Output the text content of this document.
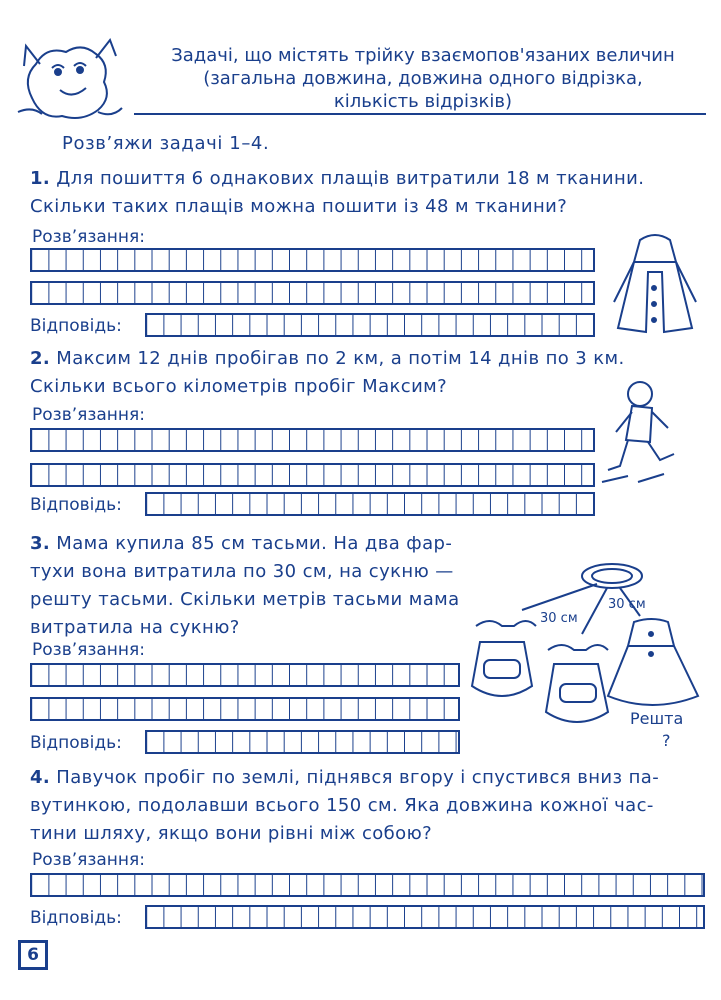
Задачі, що містять трійку взаємопов'язаних величин
(загальна довжина, довжина одного відрізка,
кількість відрізків)
Розв’яжи задачі 1–4.
1. Для пошиття 6 однакових плащів витратили 18 м тканини.
Скільки таких плащів можна пошити із 48 м тканини?
Розв’язання:
Відповідь:
2. Максим 12 днів пробігав по 2 км, а потім 14 днів по 3 км.
Скільки всього кілометрів пробіг Максим?
Розв’язання:
Відповідь:
3. Мама купила 85 см тасьми. На два фар-
тухи вона витратила по 30 см, на сукню —
решту тасьми. Скільки метрів тасьми мама
витратила на сукню?
Розв’язання:
Відповідь:
30 см
30 см
Решта
?
4. Павучок пробіг по землі, піднявся вгору і спустився вниз па-
вутинкою, подолавши всього 150 см. Яка довжина кожної час-
тини шляху, якщо вони рівні між собою?
Розв’язання:
Відповідь:
6
